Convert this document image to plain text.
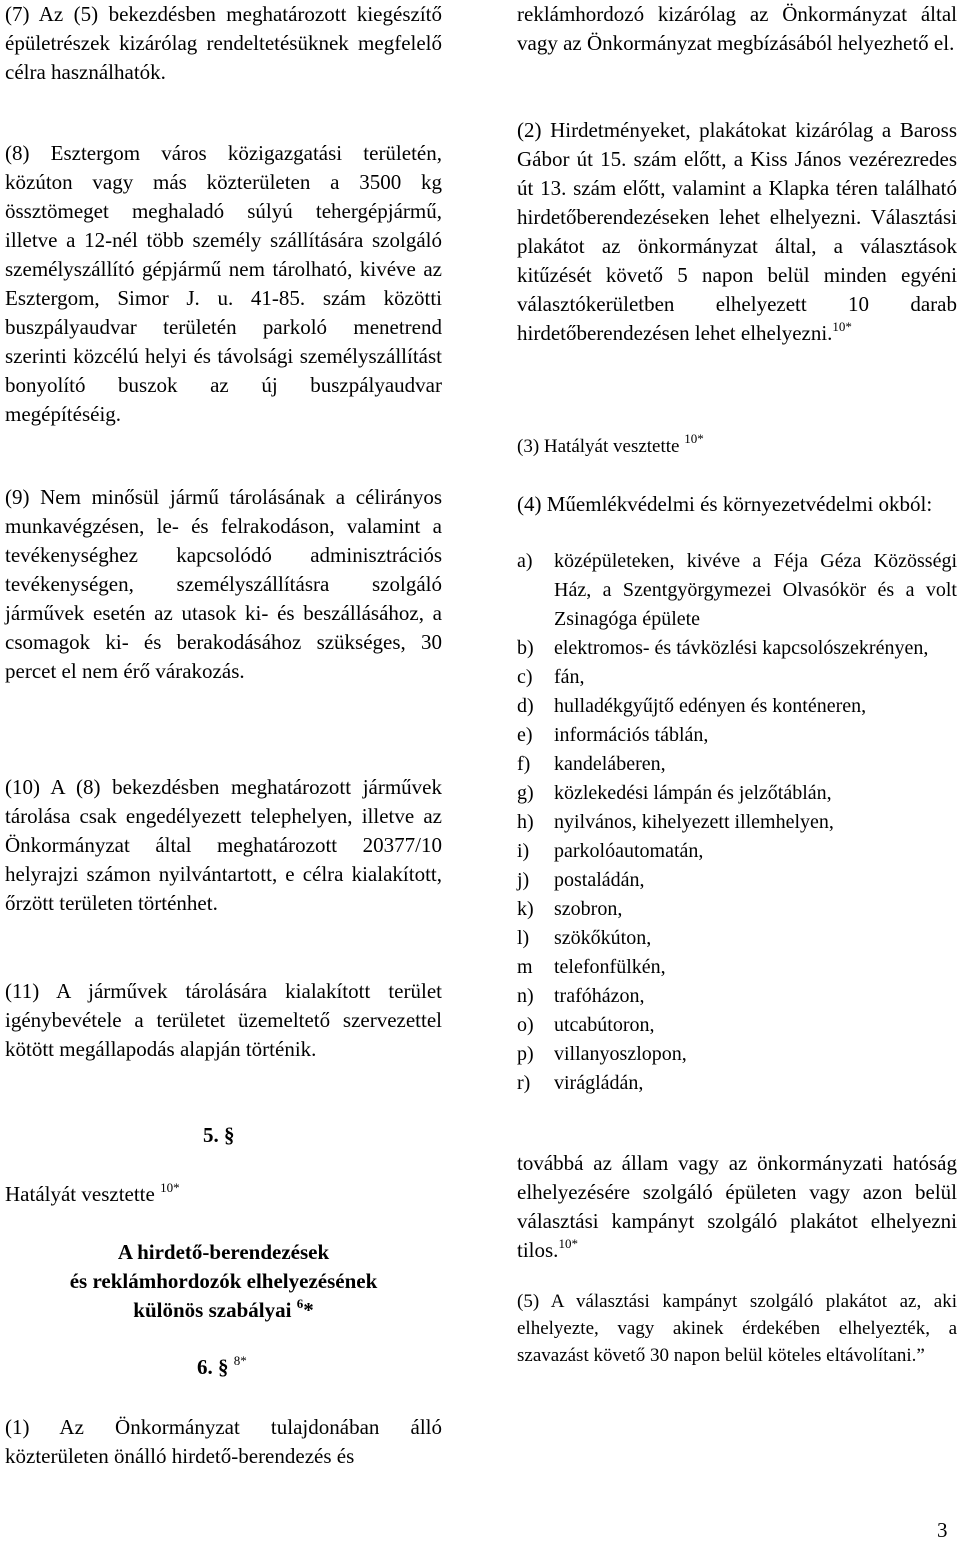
(7) Az (5) bekezdésben meghatározott kiegészítő épületrészek kizárólag rendeltetésüknek megfelelő célra használhatók.

(8) Esztergom város közigazgatási területén, közúton vagy más közterületen a 3500 kg össztömeget meghaladó súlyú tehergépjármű, illetve a 12-nél több személy szállítására szolgáló személyszállító gépjármű nem tárolható, kivéve az Esztergom, Simor J. u. 41-85. szám közötti buszpályaudvar területén parkoló menetrend szerinti közcélú helyi és távolsági személyszállítást bonyolító buszok az új buszpályaudvar megépítéséig.

(9) Nem minősül jármű tárolásának a célirányos munkavégzésen, le- és felrakodáson, valamint a tevékenységhez kapcsolódó adminisztrációs tevékenységen, személyszállításra szolgáló járművek esetén az utasok ki- és beszállásához, a csomagok ki- és berakodásához szükséges, 30 percet el nem érő várakozás.

(10) A (8) bekezdésben meghatározott járművek tárolása csak engedélyezett telephelyen, illetve az Önkormányzat által meghatározott 20377/10 helyrajzi számon nyilvántartott, e célra kialakított, őrzött területen történhet.

(11) A járművek tárolására kialakított terület igénybevétele a területet üzemeltető szervezettel kötött megállapodás alapján történik.

5. §
Hatályát vesztette $^{10*}$
A hirdető-berendezések
és reklámhordozók elhelyezésének
különös szabályai $^6$*
6. § $^{8*}$

(1) Az Önkormányzat tulajdonában álló közterületen önálló hirdető-berendezés és

reklámhordozó kizárólag az Önkormányzat által vagy az Önkormányzat megbízásából helyezhető el.

(2) Hirdetményeket, plakátokat kizárólag a Baross Gábor út 15. szám előtt, a Kiss János vezérezredes út 13. szám előtt, valamint a Klapka téren található hirdetőberendezéseken lehet elhelyezni. Választási plakátot az önkormányzat által, a választások kitűzését követő 5 napon belül minden egyéni választókerületben elhelyezett 10 darab hirdetőberendezésen lehet elhelyezni.$^{10*}$

(3) Hatályát vesztette $^{10*}$

(4) Műemlékvédelmi és környezetvédelmi okból:

a)	középületeken, kivéve a Féja Géza Közösségi Ház, a Szentgyörgymezei Olvasókör és a volt Zsinagóga épülete
b)	elektromos- és távközlési kapcsolószekrényen,
c)	fán,
d)	hulladékgyűjtő edényen és konténeren,
e)	információs táblán,
f)	kandeláberen,
g)	közlekedési lámpán és jelzőtáblán,
h)	nyilvános, kihelyezett illemhelyen,
i)	parkolóautomatán,
j)	postaládán,
k)	szobron,
l)	szökőkúton,
m	telefonfülkén,
n)	trafóházon,
o)	utcabútoron,
p)	villanyoszlopon,
r)	virágládán,

továbbá az állam vagy az önkormányzati hatóság elhelyezésére szolgáló épületen vagy azon belül választási kampányt szolgáló plakátot elhelyezni tilos.$^{10*}$

(5) A választási kampányt szolgáló plakátot az, aki elhelyezte, vagy akinek érdekében elhelyezték, a szavazást követő 30 napon belül köteles eltávolítani.”

3
